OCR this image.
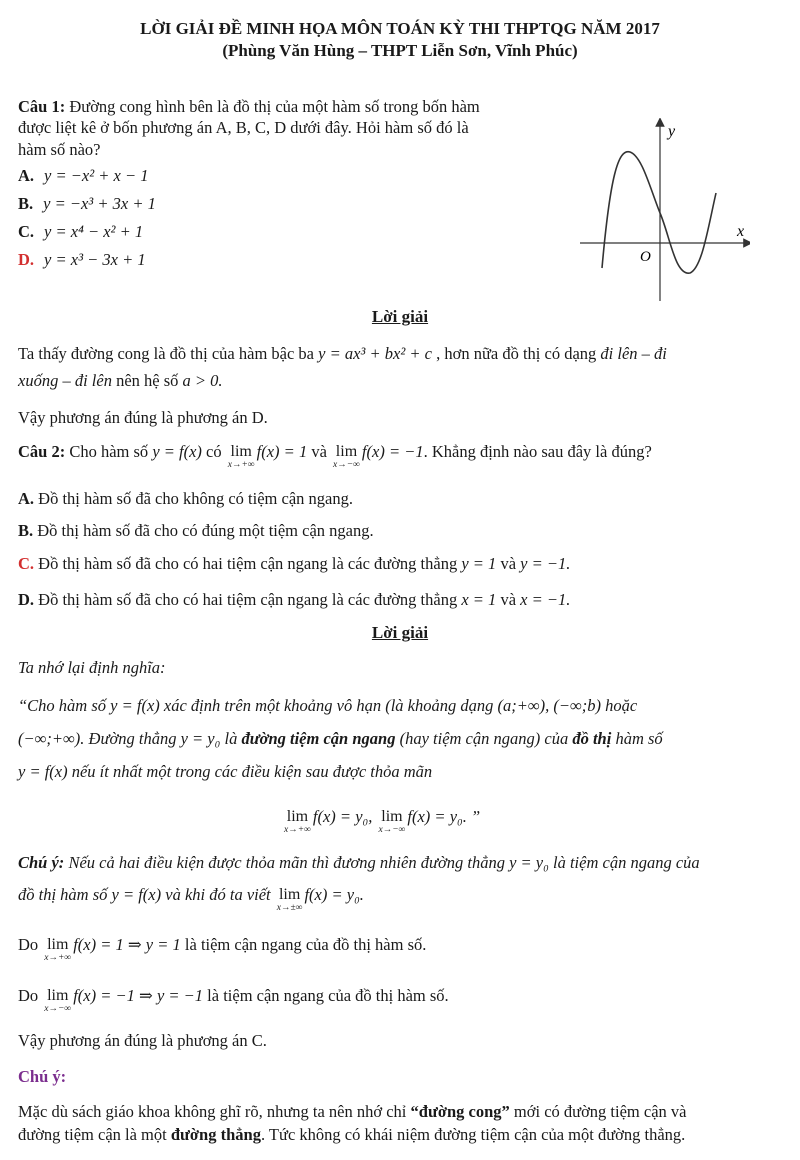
LỜI GIẢI ĐỀ MINH HỌA MÔN TOÁN KỲ THI THPTQG NĂM 2017
(Phùng Văn Hùng – THPT Liễn Sơn, Vĩnh Phúc)

Câu 1: Đường cong hình bên là đồ thị của một hàm số trong bốn hàm

được liệt kê ở bốn phương án A, B, C, D dưới đây. Hỏi hàm số đó là

hàm số nào?

A. y = −x² + x − 1
B. y = −x³ + 3x + 1
C. y = x⁴ − x² + 1
D. y = x³ − 3x + 1
y
x
O
Lời giải
Ta thấy đường cong là đồ thị của hàm bậc ba y = ax³ + bx² + c , hơn nữa đồ thị có dạng đi lên – đi
xuống – đi lên nên hệ số a > 0.
Vậy phương án đúng là phương án D.
Câu 2: Cho hàm số y = f(x) có lim
x→+∞
f(x) = 1 và lim
x→−∞
f(x) = −1. Khẳng định nào sau đây là đúng?
A. Đồ thị hàm số đã cho không có tiệm cận ngang.
B. Đồ thị hàm số đã cho có đúng một tiệm cận ngang.
C. Đồ thị hàm số đã cho có hai tiệm cận ngang là các đường thẳng y = 1 và y = −1.
D. Đồ thị hàm số đã cho có hai tiệm cận ngang là các đường thẳng x = 1 và x = −1.
Lời giải
Ta nhớ lại định nghĩa:
“Cho hàm số y = f(x) xác định trên một khoảng vô hạn (là khoảng dạng (a;+∞), (−∞;b) hoặc
(−∞;+∞). Đường thẳng y = y₀ là đường tiệm cận ngang (hay tiệm cận ngang) của đồ thị hàm số
y = f(x) nếu ít nhất một trong các điều kiện sau được thỏa mãn
lim
x→+∞
f(x) = y₀, lim
x→−∞
f(x) = y₀. ”
Chú ý: Nếu cả hai điều kiện được thỏa mãn thì đương nhiên đường thẳng y = y₀ là tiệm cận ngang của
đồ thị hàm số y = f(x) và khi đó ta viết lim
x→±∞
f(x) = y₀.
Do lim
x→+∞
f(x) = 1 ⇒ y = 1 là tiệm cận ngang của đồ thị hàm số.
Do lim
x→−∞
f(x) = −1 ⇒ y = −1 là tiệm cận ngang của đồ thị hàm số.
Vậy phương án đúng là phương án C.
Chú ý:
Mặc dù sách giáo khoa không ghĩ rõ, nhưng ta nên nhớ chỉ “đường cong” mới có đường tiệm cận và
đường tiệm cận là một đường thẳng. Tức không có khái niệm đường tiệm cận của một đường thẳng.
